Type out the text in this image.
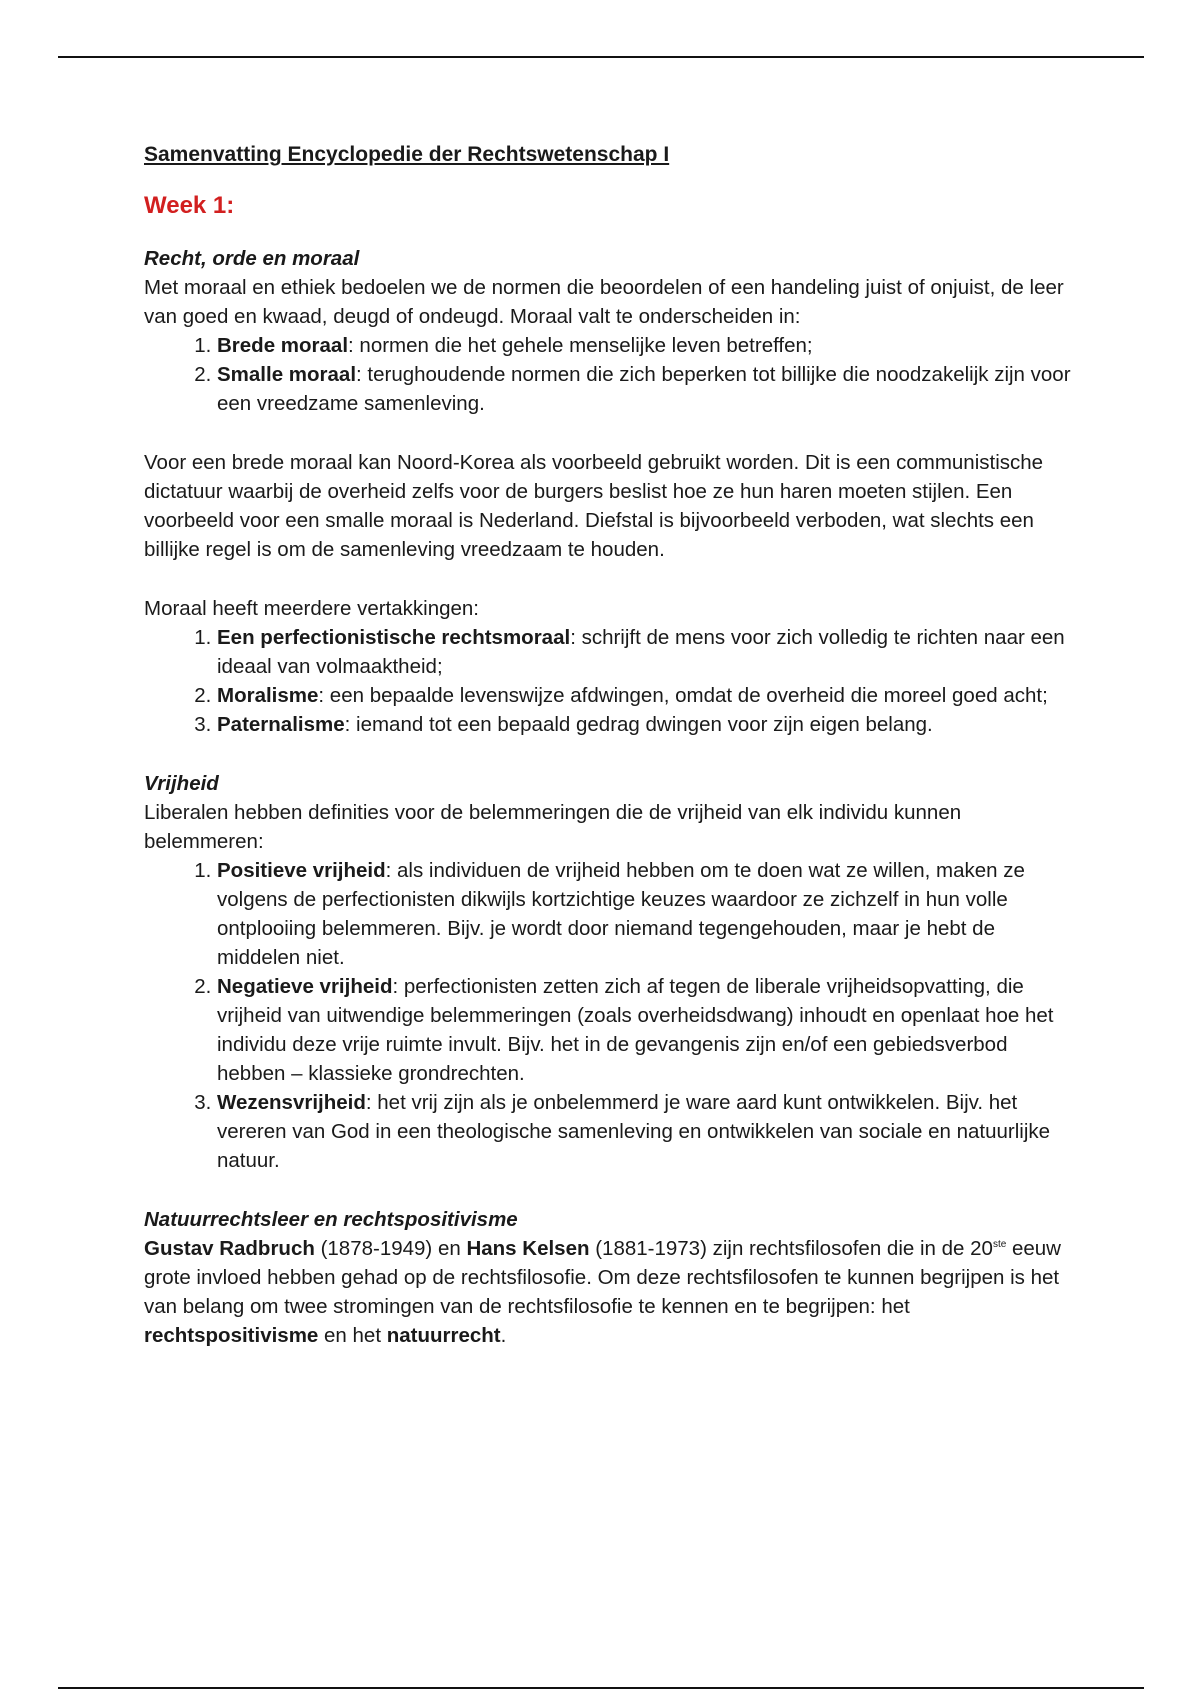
Samenvatting Encyclopedie der Rechtswetenschap I

Week 1:

Recht, orde en moraal

Met moraal en ethiek bedoelen we de normen die beoordelen of een handeling juist of onjuist, de leer van goed en kwaad, deugd of ondeugd. Moraal valt te onderscheiden in:

1. Brede moraal: normen die het gehele menselijke leven betreffen;
2. Smalle moraal: terughoudende normen die zich beperken tot billijke die noodzakelijk zijn voor een vreedzame samenleving.

Voor een brede moraal kan Noord-Korea als voorbeeld gebruikt worden. Dit is een communistische dictatuur waarbij de overheid zelfs voor de burgers beslist hoe ze hun haren moeten stijlen. Een voorbeeld voor een smalle moraal is Nederland. Diefstal is bijvoorbeeld verboden, wat slechts een billijke regel is om de samenleving vreedzaam te houden.

Moraal heeft meerdere vertakkingen:

1. Een perfectionistische rechtsmoraal: schrijft de mens voor zich volledig te richten naar een ideaal van volmaaktheid;
2. Moralisme: een bepaalde levenswijze afdwingen, omdat de overheid die moreel goed acht;
3. Paternalisme: iemand tot een bepaald gedrag dwingen voor zijn eigen belang.

Vrijheid

Liberalen hebben definities voor de belemmeringen die de vrijheid van elk individu kunnen belemmeren:

1. Positieve vrijheid: als individuen de vrijheid hebben om te doen wat ze willen, maken ze volgens de perfectionisten dikwijls kortzichtige keuzes waardoor ze zichzelf in hun volle ontplooiing belemmeren. Bijv. je wordt door niemand tegengehouden, maar je hebt de middelen niet.
2. Negatieve vrijheid: perfectionisten zetten zich af tegen de liberale vrijheidsopvatting, die vrijheid van uitwendige belemmeringen (zoals overheidsdwang) inhoudt en openlaat hoe het individu deze vrije ruimte invult. Bijv. het in de gevangenis zijn en/of een gebiedsverbod hebben – klassieke grondrechten.
3. Wezensvrijheid: het vrij zijn als je onbelemmerd je ware aard kunt ontwikkelen. Bijv. het vereren van God in een theologische samenleving en ontwikkelen van sociale en natuurlijke natuur.

Natuurrechtsleer en rechtspositivisme

Gustav Radbruch (1878-1949) en Hans Kelsen (1881-1973) zijn rechtsfilosofen die in de 20ste eeuw grote invloed hebben gehad op de rechtsfilosofie. Om deze rechtsfilosofen te kunnen begrijpen is het van belang om twee stromingen van de rechtsfilosofie te kennen en te begrijpen: het rechtspositivisme en het natuurrecht.
